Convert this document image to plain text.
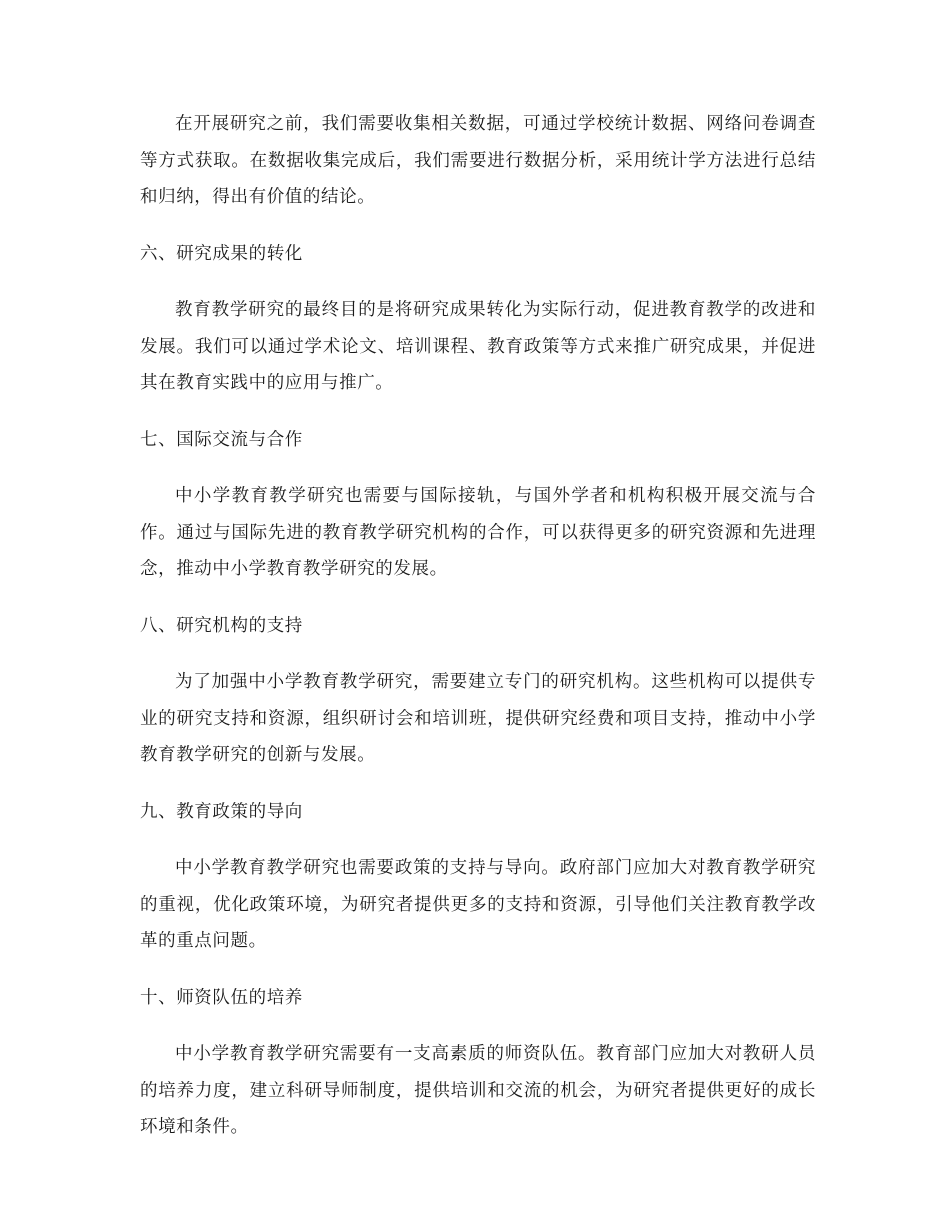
在开展研究之前，我们需要收集相关数据，可通过学校统计数据、网络问卷调查等方式获取。在数据收集完成后，我们需要进行数据分析，采用统计学方法进行总结和归纳，得出有价值的结论。

六、研究成果的转化

教育教学研究的最终目的是将研究成果转化为实际行动，促进教育教学的改进和发展。我们可以通过学术论文、培训课程、教育政策等方式来推广研究成果，并促进其在教育实践中的应用与推广。

七、国际交流与合作

中小学教育教学研究也需要与国际接轨，与国外学者和机构积极开展交流与合作。通过与国际先进的教育教学研究机构的合作，可以获得更多的研究资源和先进理念，推动中小学教育教学研究的发展。

八、研究机构的支持

为了加强中小学教育教学研究，需要建立专门的研究机构。这些机构可以提供专业的研究支持和资源，组织研讨会和培训班，提供研究经费和项目支持，推动中小学教育教学研究的创新与发展。

九、教育政策的导向

中小学教育教学研究也需要政策的支持与导向。政府部门应加大对教育教学研究的重视，优化政策环境，为研究者提供更多的支持和资源，引导他们关注教育教学改革的重点问题。

十、师资队伍的培养

中小学教育教学研究需要有一支高素质的师资队伍。教育部门应加大对教研人员的培养力度，建立科研导师制度，提供培训和交流的机会，为研究者提供更好的成长环境和条件。
